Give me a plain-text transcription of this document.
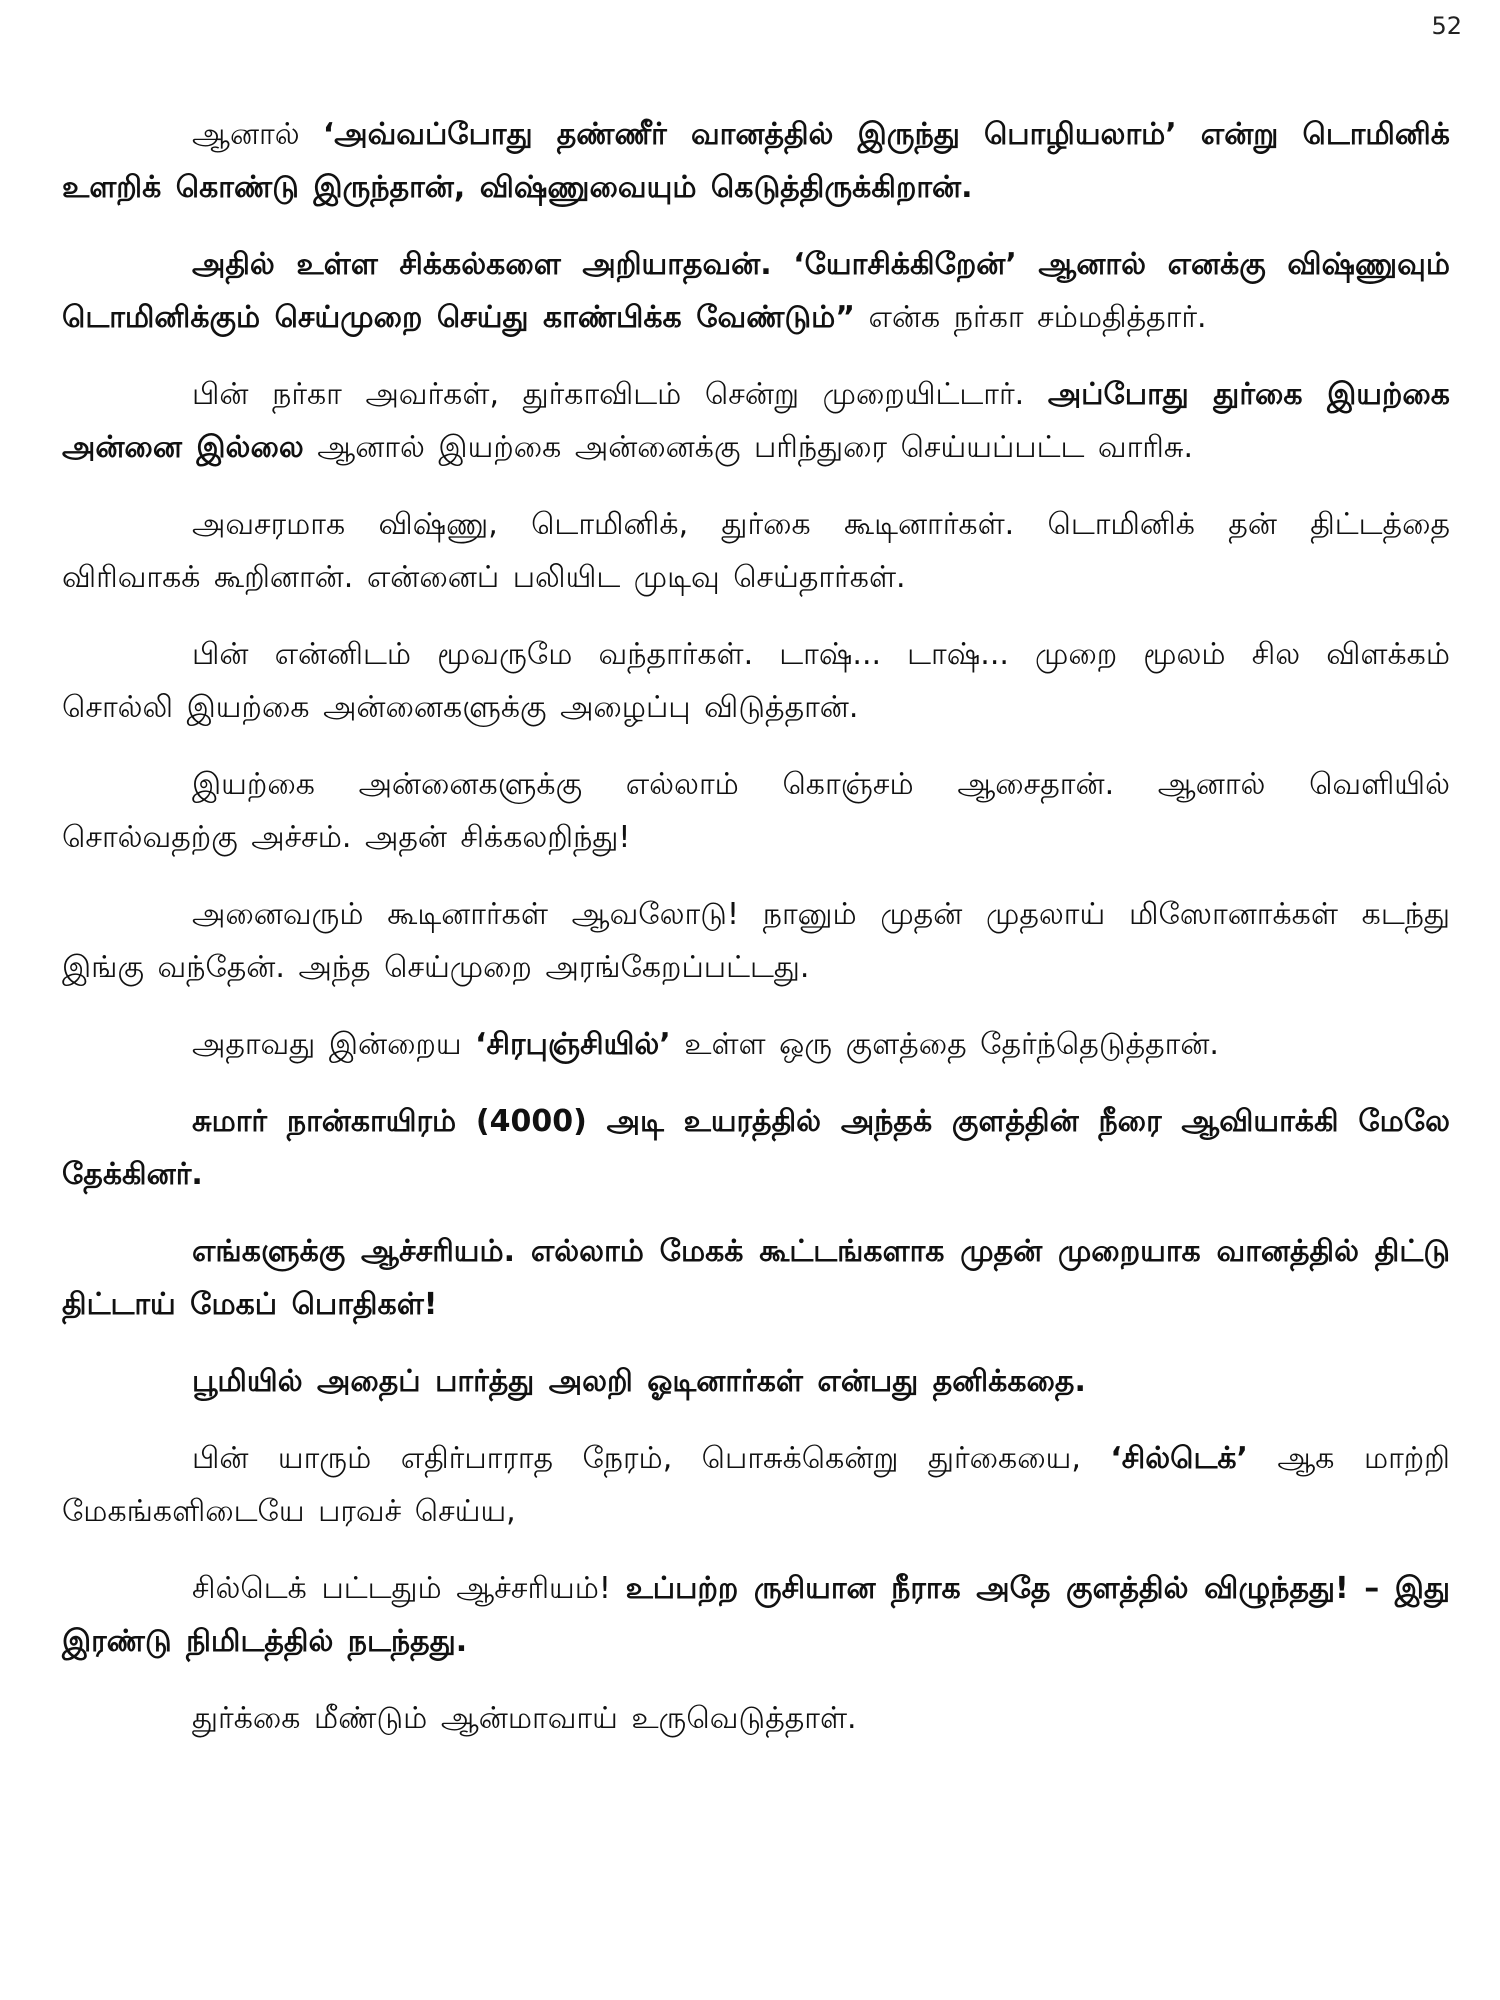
52

ஆனால் ‘அவ்வப்போது தண்ணீர் வானத்தில் இருந்து பொழியலாம்’ என்று டொமினிக் உளறிக் கொண்டு இருந்தான், விஷ்ணுவையும் கெடுத்திருக்கிறான்.

அதில் உள்ள சிக்கல்களை அறியாதவன். ‘யோசிக்கிறேன்’ ஆனால் எனக்கு விஷ்ணுவும் டொமினிக்கும் செய்முறை செய்து காண்பிக்க வேண்டும்” என்க நர்கா சம்மதித்தார்.

பின் நர்கா அவர்கள், துர்காவிடம் சென்று முறையிட்டார். அப்போது துர்கை இயற்கை அன்னை இல்லை ஆனால் இயற்கை அன்னைக்கு பரிந்துரை செய்யப்பட்ட வாரிசு.

அவசரமாக விஷ்ணு, டொமினிக், துர்கை கூடினார்கள். டொமினிக் தன் திட்டத்தை விரிவாகக் கூறினான். என்னைப் பலியிட முடிவு செய்தார்கள்.

பின் என்னிடம் மூவருமே வந்தார்கள். டாஷ்... டாஷ்... முறை மூலம் சில விளக்கம் சொல்லி இயற்கை அன்னைகளுக்கு அழைப்பு விடுத்தான்.

இயற்கை அன்னைகளுக்கு எல்லாம் கொஞ்சம் ஆசைதான். ஆனால் வெளியில் சொல்வதற்கு அச்சம். அதன் சிக்கலறிந்து!

அனைவரும் கூடினார்கள் ஆவலோடு! நானும் முதன் முதலாய் மிஸோனாக்கள் கடந்து இங்கு வந்தேன். அந்த செய்முறை அரங்கேறப்பட்டது.

அதாவது இன்றைய ‘சிரபுஞ்சியில்’ உள்ள ஒரு குளத்தை தேர்ந்தெடுத்தான்.

சுமார் நான்காயிரம் (4000) அடி உயரத்தில் அந்தக் குளத்தின் நீரை ஆவியாக்கி மேலே தேக்கினர்.

எங்களுக்கு ஆச்சரியம். எல்லாம் மேகக் கூட்டங்களாக முதன் முறையாக வானத்தில் திட்டு திட்டாய் மேகப் பொதிகள்!

பூமியில் அதைப் பார்த்து அலறி ஓடினார்கள் என்பது தனிக்கதை.

பின் யாரும் எதிர்பாராத நேரம், பொசுக்கென்று துர்கையை, ‘சில்டெக்’ ஆக மாற்றி மேகங்களிடையே பரவச் செய்ய,

சில்டெக் பட்டதும் ஆச்சரியம்! உப்பற்ற ருசியான நீராக அதே குளத்தில் விழுந்தது! – இது இரண்டு நிமிடத்தில் நடந்தது.

துர்க்கை மீண்டும் ஆன்மாவாய் உருவெடுத்தாள்.
